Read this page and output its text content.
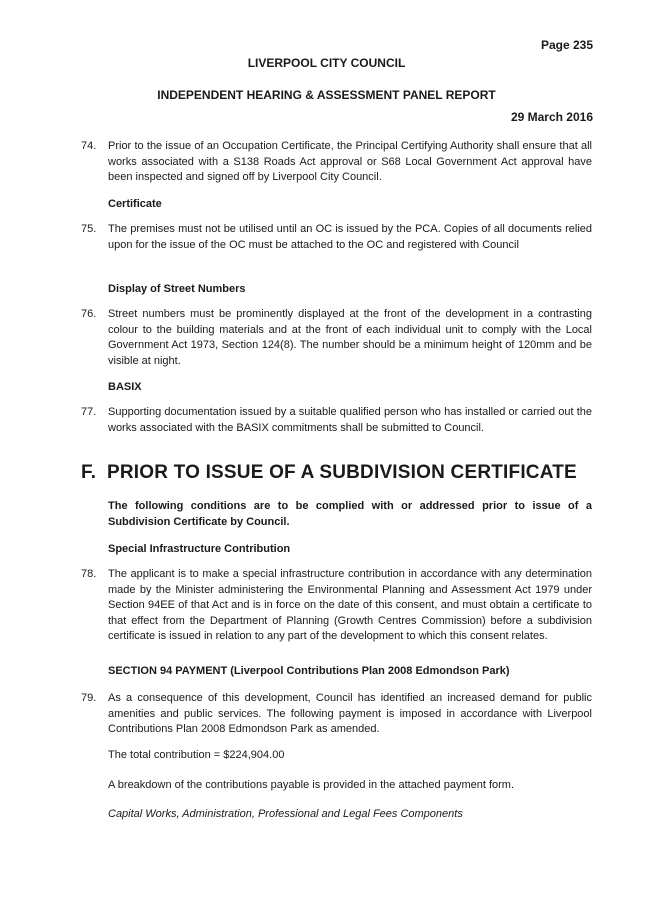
Page 235
LIVERPOOL CITY COUNCIL
INDEPENDENT HEARING & ASSESSMENT PANEL REPORT
29 March 2016
74. Prior to the issue of an Occupation Certificate, the Principal Certifying Authority shall ensure that all works associated with a S138 Roads Act approval or S68 Local Government Act approval have been inspected and signed off by Liverpool City Council.
Certificate
75. The premises must not be utilised until an OC is issued by the PCA. Copies of all documents relied upon for the issue of the OC must be attached to the OC and registered with Council
Display of Street Numbers
76. Street numbers must be prominently displayed at the front of the development in a contrasting colour to the building materials and at the front of each individual unit to comply with the Local Government Act 1973, Section 124(8). The number should be a minimum height of 120mm and be visible at night.
BASIX
77. Supporting documentation issued by a suitable qualified person who has installed or carried out the works associated with the BASIX commitments shall be submitted to Council.
F. PRIOR TO ISSUE OF A SUBDIVISION CERTIFICATE
The following conditions are to be complied with or addressed prior to issue of a Subdivision Certificate by Council.
Special Infrastructure Contribution
78. The applicant is to make a special infrastructure contribution in accordance with any determination made by the Minister administering the Environmental Planning and Assessment Act 1979 under Section 94EE of that Act and is in force on the date of this consent, and must obtain a certificate to that effect from the Department of Planning (Growth Centres Commission) before a subdivision certificate is issued in relation to any part of the development to which this consent relates.
SECTION 94 PAYMENT (Liverpool Contributions Plan 2008 Edmondson Park)
79. As a consequence of this development, Council has identified an increased demand for public amenities and public services. The following payment is imposed in accordance with Liverpool Contributions Plan 2008 Edmondson Park as amended.
The total contribution = $224,904.00
A breakdown of the contributions payable is provided in the attached payment form.
Capital Works, Administration, Professional and Legal Fees Components
